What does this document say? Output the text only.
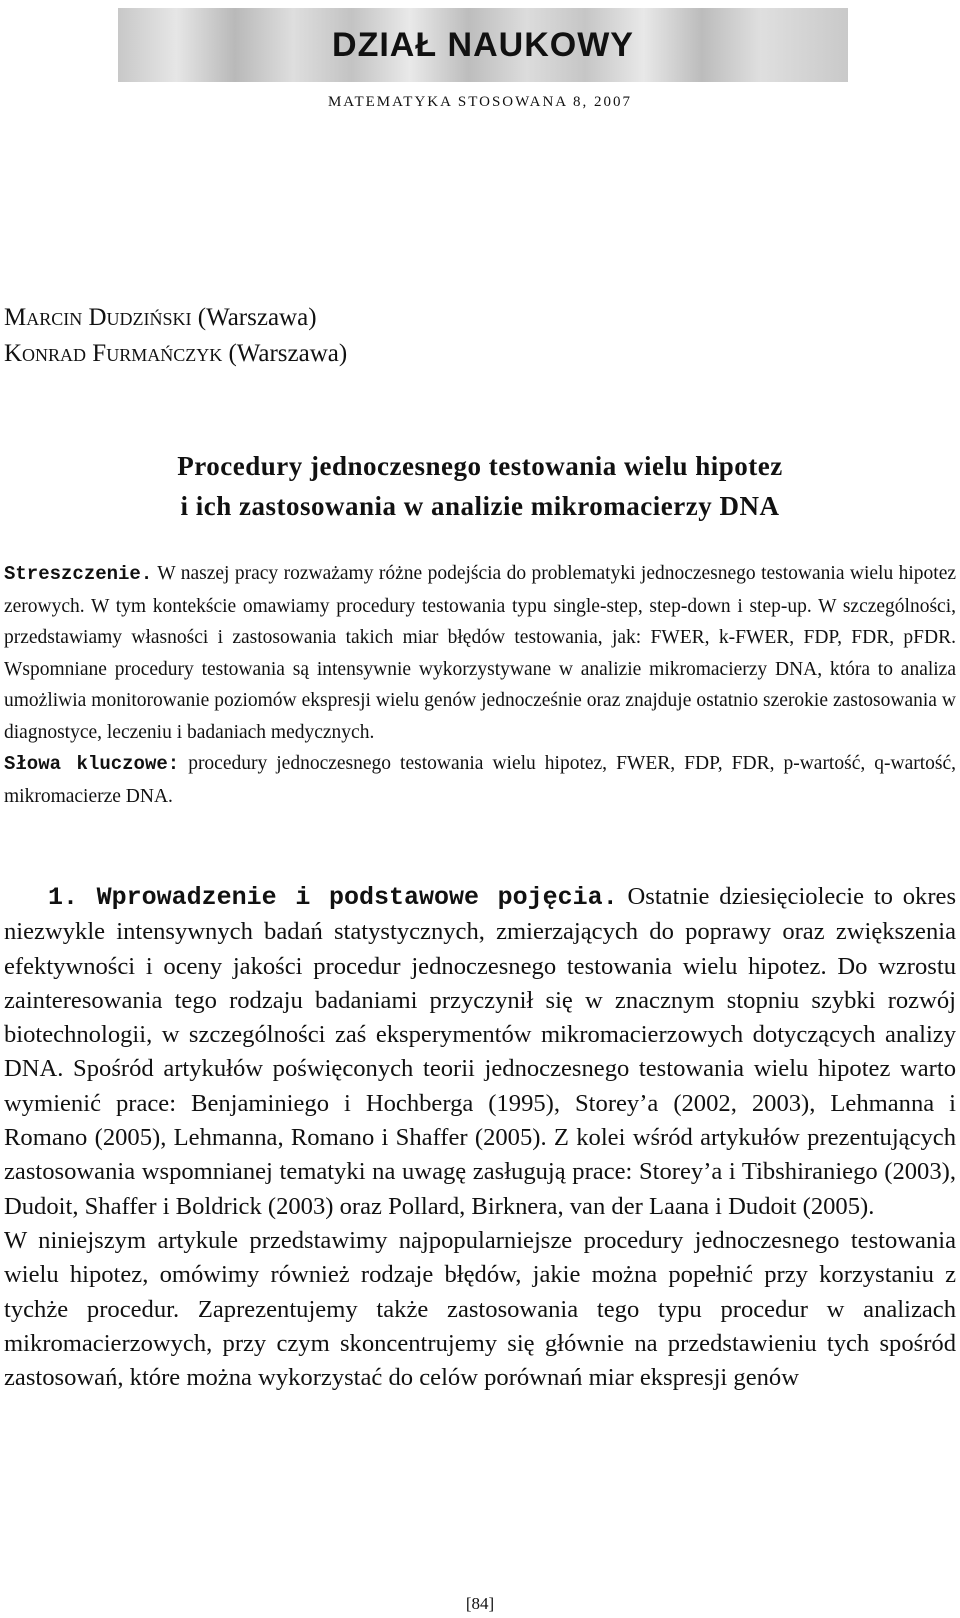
DZIAŁ NAUKOWY
MATEMATYKA STOSOWANA 8, 2007
Marcin Dudziński (Warszawa)
Konrad Furmańczyk (Warszawa)
Procedury jednoczesnego testowania wielu hipotez
i ich zastosowania w analizie mikromacierzy DNA
Streszczenie. W naszej pracy rozważamy różne podejścia do problematyki jednoczesnego testowania wielu hipotez zerowych. W tym kontekście omawiamy procedury testowania typu single-step, step-down i step-up. W szczególności, przedstawiamy własności i zastosowania takich miar błędów testowania, jak: FWER, k-FWER, FDP, FDR, pFDR. Wspomniane procedury testowania są intensywnie wykorzystywane w analizie mikromacierzy DNA, która to analiza umożliwia monitorowanie poziomów ekspresji wielu genów jednocześnie oraz znajduje ostatnio szerokie zastosowania w diagnostyce, leczeniu i badaniach medycznych.
Słowa kluczowe: procedury jednoczesnego testowania wielu hipotez, FWER, FDP, FDR, p-wartość, q-wartość, mikromacierze DNA.

1. Wprowadzenie i podstawowe pojęcia. Ostatnie dziesięciolecie to okres niezwykle intensywnych badań statystycznych, zmierzających do poprawy oraz zwiększenia efektywności i oceny jakości procedur jednoczesnego testowania wielu hipotez. Do wzrostu zainteresowania tego rodzaju badaniami przyczynił się w znacznym stopniu szybki rozwój biotechnologii, w szczególności zaś eksperymentów mikromacierzowych dotyczących analizy DNA. Spośród artykułów poświęconych teorii jednoczesnego testowania wielu hipotez warto wymienić prace: Benjaminiego i Hochberga (1995), Storey’a (2002, 2003), Lehmanna i Romano (2005), Lehmanna, Romano i Shaffer (2005). Z kolei wśród artykułów prezentujących zastosowania wspomnianej tematyki na uwagę zasługują prace: Storey’a i Tibshiraniego (2003), Dudoit, Shaffer i Boldrick (2003) oraz Pollard, Birknera, van der Laana i Dudoit (2005).

W niniejszym artykule przedstawimy najpopularniejsze procedury jednoczesnego testowania wielu hipotez, omówimy również rodzaje błędów, jakie można popełnić przy korzystaniu z tychże procedur. Zaprezentujemy także zastosowania tego typu procedur w analizach mikromacierzowych, przy czym skoncentrujemy się głównie na przedstawieniu tych spośród zastosowań, które można wykorzystać do celów porównań miar ekspresji genów

[84]
